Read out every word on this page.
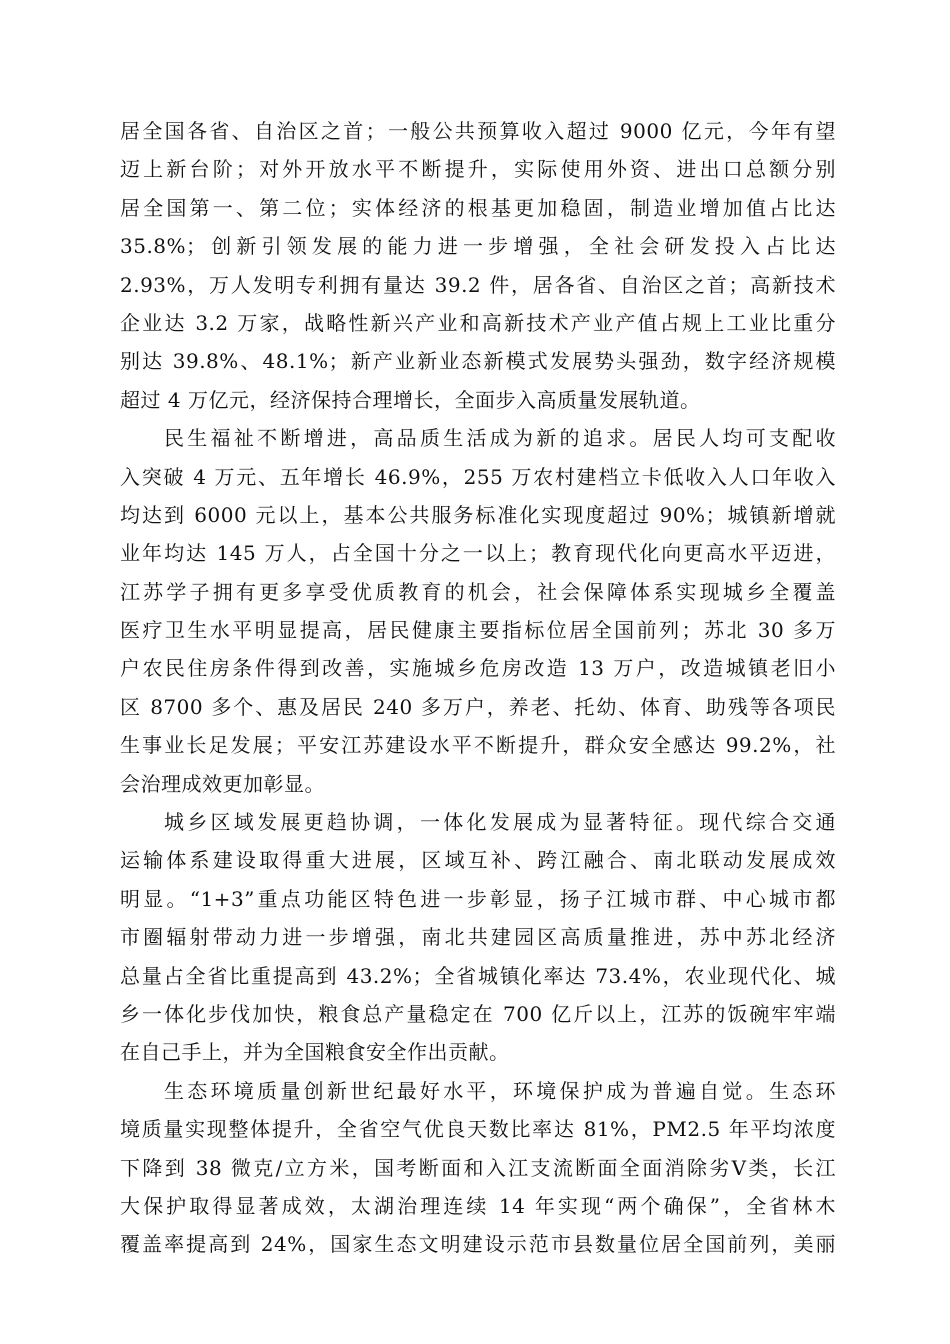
居全国各省、自治区之首；一般公共预算收入超过 9000 亿元，今年有望
迈上新台阶；对外开放水平不断提升，实际使用外资、进出口总额分别
居全国第一、第二位；实体经济的根基更加稳固，制造业增加值占比达
35.8%；创新引领发展的能力进一步增强，全社会研发投入占比达
2.93%，万人发明专利拥有量达 39.2 件，居各省、自治区之首；高新技术
企业达 3.2 万家，战略性新兴产业和高新技术产业产值占规上工业比重分
别达 39.8%、48.1%；新产业新业态新模式发展势头强劲，数字经济规模
超过 4 万亿元，经济保持合理增长，全面步入高质量发展轨道。
民生福祉不断增进，高品质生活成为新的追求。居民人均可支配收
入突破 4 万元、五年增长 46.9%，255 万农村建档立卡低收入人口年收入
均达到 6000 元以上，基本公共服务标准化实现度超过 90%；城镇新增就
业年均达 145 万人，占全国十分之一以上；教育现代化向更高水平迈进，
江苏学子拥有更多享受优质教育的机会，社会保障体系实现城乡全覆盖
医疗卫生水平明显提高，居民健康主要指标位居全国前列；苏北 30 多万
户农民住房条件得到改善，实施城乡危房改造 13 万户，改造城镇老旧小
区 8700 多个、惠及居民 240 多万户，养老、托幼、体育、助残等各项民
生事业长足发展；平安江苏建设水平不断提升，群众安全感达 99.2%，社
会治理成效更加彰显。
城乡区域发展更趋协调，一体化发展成为显著特征。现代综合交通
运输体系建设取得重大进展，区域互补、跨江融合、南北联动发展成效
明显。“1+3”重点功能区特色进一步彰显，扬子江城市群、中心城市都
市圈辐射带动力进一步增强，南北共建园区高质量推进，苏中苏北经济
总量占全省比重提高到 43.2%；全省城镇化率达 73.4%，农业现代化、城
乡一体化步伐加快，粮食总产量稳定在 700 亿斤以上，江苏的饭碗牢牢端
在自己手上，并为全国粮食安全作出贡献。
生态环境质量创新世纪最好水平，环境保护成为普遍自觉。生态环
境质量实现整体提升，全省空气优良天数比率达 81%，PM2.5 年平均浓度
下降到 38 微克/立方米，国考断面和入江支流断面全面消除劣Ⅴ类，长江
大保护取得显著成效，太湖治理连续 14 年实现“两个确保”，全省林木
覆盖率提高到 24%，国家生态文明建设示范市县数量位居全国前列，美丽
